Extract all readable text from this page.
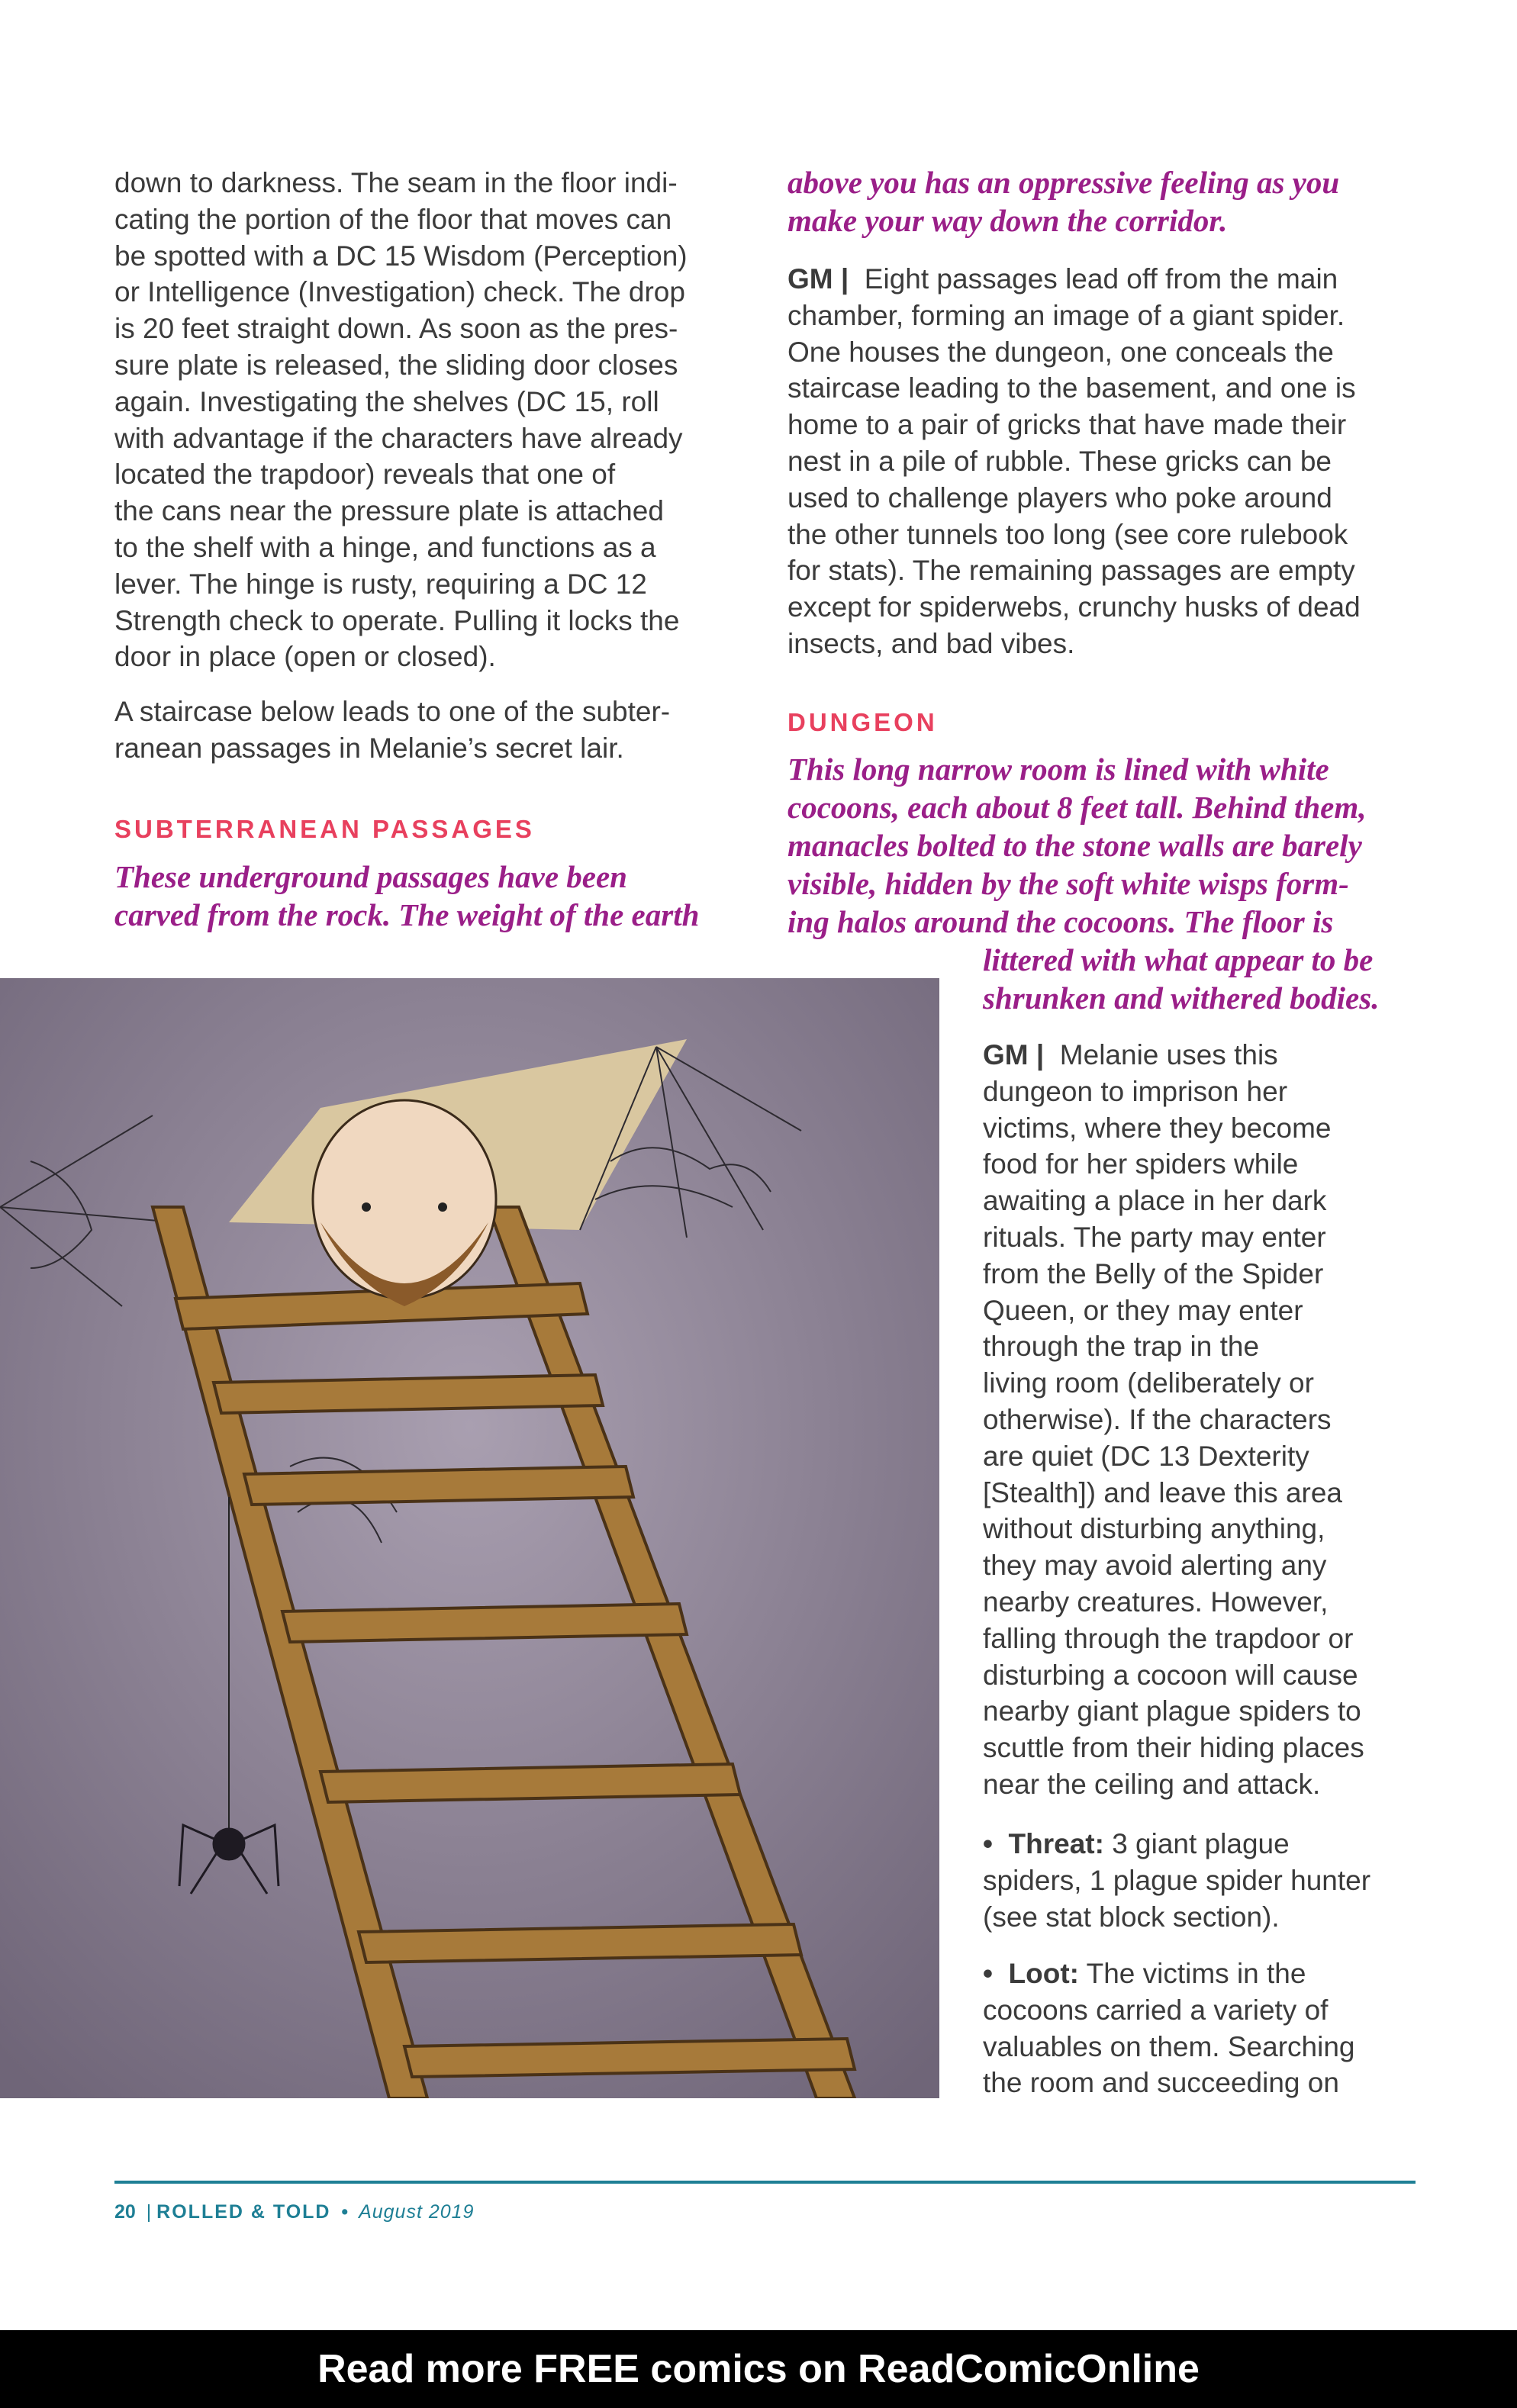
down to darkness. The seam in the floor indi-
cating the portion of the floor that moves can
be spotted with a DC 15 Wisdom (Perception)
or Intelligence (Investigation) check. The drop
is 20 feet straight down. As soon as the pres-
sure plate is released, the sliding door closes
again. Investigating the shelves (DC 15, roll
with advantage if the characters have already
located the trapdoor) reveals that one of
the cans near the pressure plate is attached
to the shelf with a hinge, and functions as a
lever. The hinge is rusty, requiring a DC 12
Strength check to operate. Pulling it locks the
door in place (open or closed).
A staircase below leads to one of the subter-
ranean passages in Melanie’s secret lair.
SUBTERRANEAN PASSAGES
These underground passages have been
carved from the rock. The weight of the earth
above you has an oppressive feeling as you
make your way down the corridor.
GM | Eight passages lead off from the main
chamber, forming an image of a giant spider.
One houses the dungeon, one conceals the
staircase leading to the basement, and one is
home to a pair of gricks that have made their
nest in a pile of rubble. These gricks can be
used to challenge players who poke around
the other tunnels too long (see core rulebook
for stats). The remaining passages are empty
except for spiderwebs, crunchy husks of dead
insects, and bad vibes.
DUNGEON
This long narrow room is lined with white
cocoons, each about 8 feet tall. Behind them,
manacles bolted to the stone walls are barely
visible, hidden by the soft white wisps form-
ing halos around the cocoons. The floor is
littered with what appear to be
shrunken and withered bodies.
GM | Melanie uses this
dungeon to imprison her
victims, where they become
food for her spiders while
awaiting a place in her dark
rituals. The party may enter
from the Belly of the Spider
Queen, or they may enter
through the trap in the
living room (deliberately or
otherwise). If the characters
are quiet (DC 13 Dexterity
[Stealth]) and leave this area
without disturbing anything,
they may avoid alerting any
nearby creatures. However,
falling through the trapdoor or
disturbing a cocoon will cause
nearby giant plague spiders to
scuttle from their hiding places
near the ceiling and attack.
•  Threat: 3 giant plague
spiders, 1 plague spider hunter
(see stat block section).
•  Loot: The victims in the
cocoons carried a variety of
valuables on them. Searching
the room and succeeding on
20 | ROLLED & TOLD • August 2019
Read more FREE comics on ReadComicOnline
